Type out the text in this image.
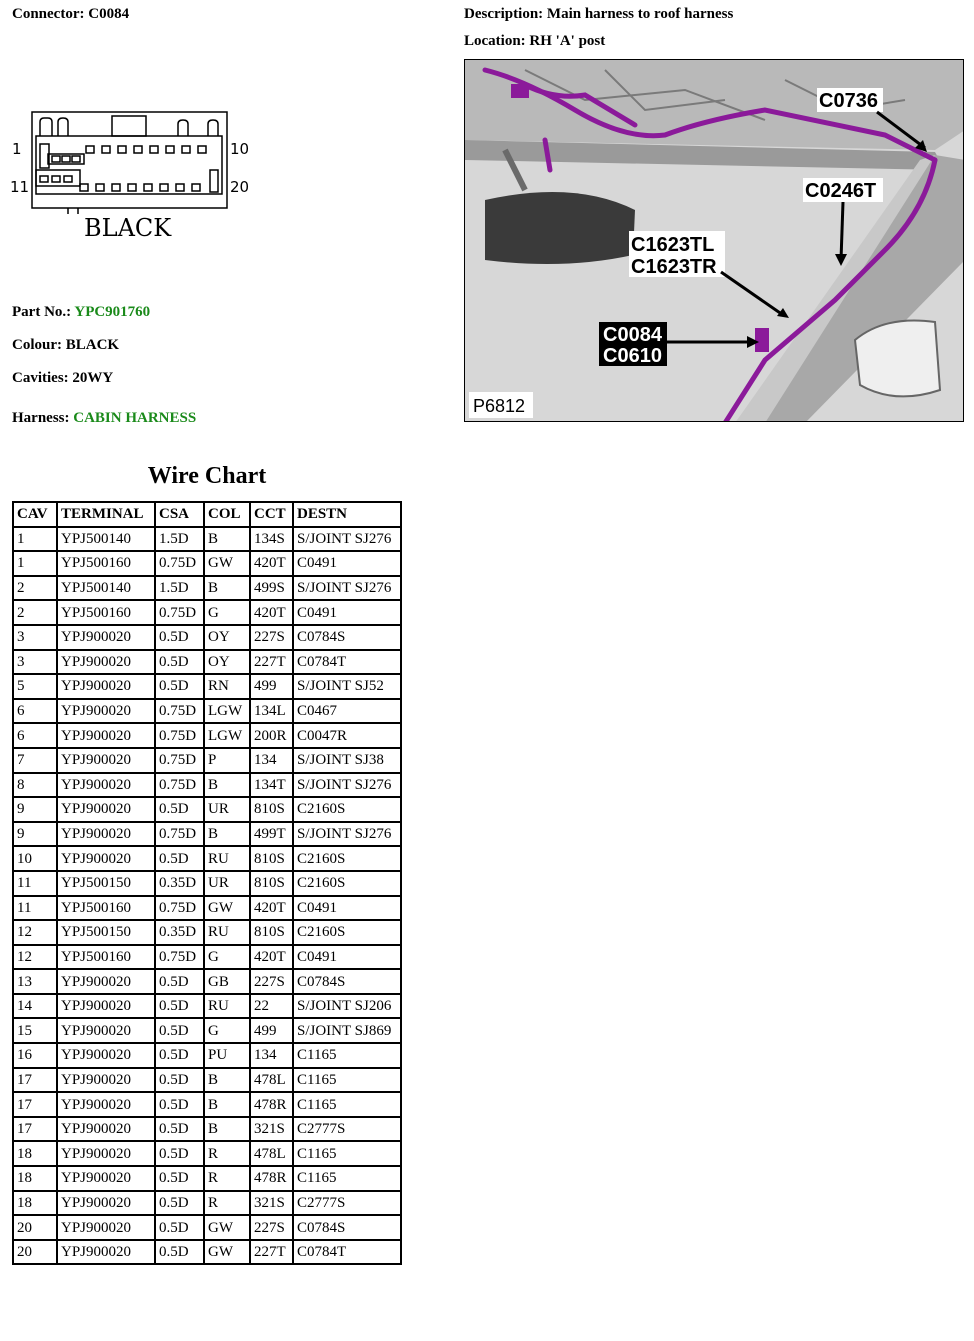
Connector: C0084	Description: Main harness to roof harness
Location: RH 'A' post
1	10
11	20
BLACK
Part No.: YPC901760
Colour: BLACK
Cavities: 20WY
Harness: CABIN HARNESS
C0736
C0246T
C1623TL
C1623TR
C0084
C0610
P6812
Wire Chart
CAV	TERMINAL	CSA	COL	CCT	DESTN
1	YPJ500140	1.5D	B	134S	S/JOINT SJ276
1	YPJ500160	0.75D	GW	420T	C0491
2	YPJ500140	1.5D	B	499S	S/JOINT SJ276
2	YPJ500160	0.75D	G	420T	C0491
3	YPJ900020	0.5D	OY	227S	C0784S
3	YPJ900020	0.5D	OY	227T	C0784T
5	YPJ900020	0.5D	RN	499	S/JOINT SJ52
6	YPJ900020	0.75D	LGW	134L	C0467
6	YPJ900020	0.75D	LGW	200R	C0047R
7	YPJ900020	0.75D	P	134	S/JOINT SJ38
8	YPJ900020	0.75D	B	134T	S/JOINT SJ276
9	YPJ900020	0.5D	UR	810S	C2160S
9	YPJ900020	0.75D	B	499T	S/JOINT SJ276
10	YPJ900020	0.5D	RU	810S	C2160S
11	YPJ500150	0.35D	UR	810S	C2160S
11	YPJ500160	0.75D	GW	420T	C0491
12	YPJ500150	0.35D	RU	810S	C2160S
12	YPJ500160	0.75D	G	420T	C0491
13	YPJ900020	0.5D	GB	227S	C0784S
14	YPJ900020	0.5D	RU	22	S/JOINT SJ206
15	YPJ900020	0.5D	G	499	S/JOINT SJ869
16	YPJ900020	0.5D	PU	134	C1165
17	YPJ900020	0.5D	B	478L	C1165
17	YPJ900020	0.5D	B	478R	C1165
17	YPJ900020	0.5D	B	321S	C2777S
18	YPJ900020	0.5D	R	478L	C1165
18	YPJ900020	0.5D	R	478R	C1165
18	YPJ900020	0.5D	R	321S	C2777S
20	YPJ900020	0.5D	GW	227S	C0784S
20	YPJ900020	0.5D	GW	227T	C0784T
